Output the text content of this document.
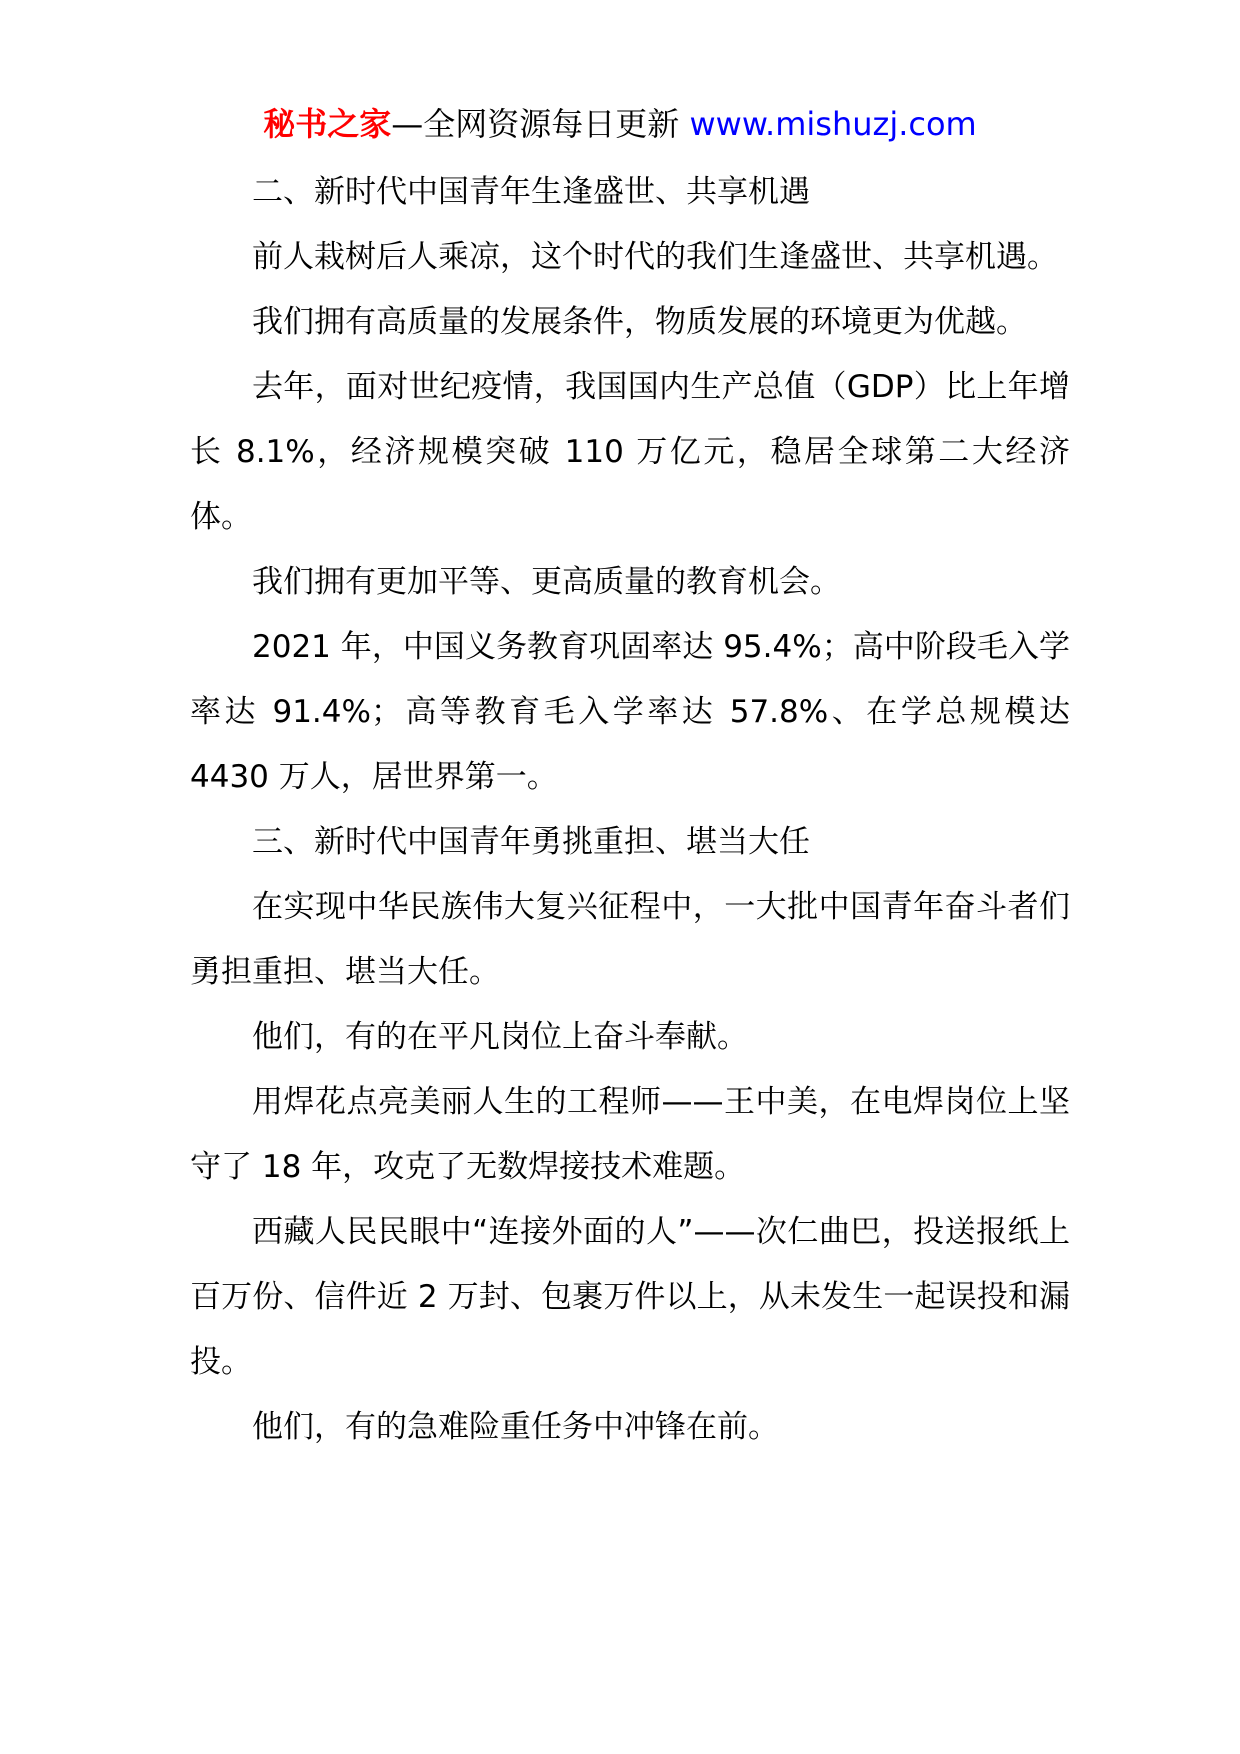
秘书之家—全网资源每日更新 www.mishuzj.com

二、新时代中国青年生逢盛世、共享机遇

前人栽树后人乘凉，这个时代的我们生逢盛世、共享机遇。

我们拥有高质量的发展条件，物质发展的环境更为优越。

去年，面对世纪疫情，我国国内生产总值（GDP）比上年增长 8.1%，经济规模突破 110 万亿元，稳居全球第二大经济体。

我们拥有更加平等、更高质量的教育机会。

2021 年，中国义务教育巩固率达 95.4%；高中阶段毛入学率达 91.4%；高等教育毛入学率达 57.8%、在学总规模达 4430 万人，居世界第一。

三、新时代中国青年勇挑重担、堪当大任

在实现中华民族伟大复兴征程中，一大批中国青年奋斗者们勇担重担、堪当大任。

他们，有的在平凡岗位上奋斗奉献。

用焊花点亮美丽人生的工程师——王中美，在电焊岗位上坚守了 18 年，攻克了无数焊接技术难题。

西藏人民民眼中“连接外面的人”——次仁曲巴，投送报纸上百万份、信件近 2 万封、包裹万件以上，从未发生一起误投和漏投。

他们，有的急难险重任务中冲锋在前。
